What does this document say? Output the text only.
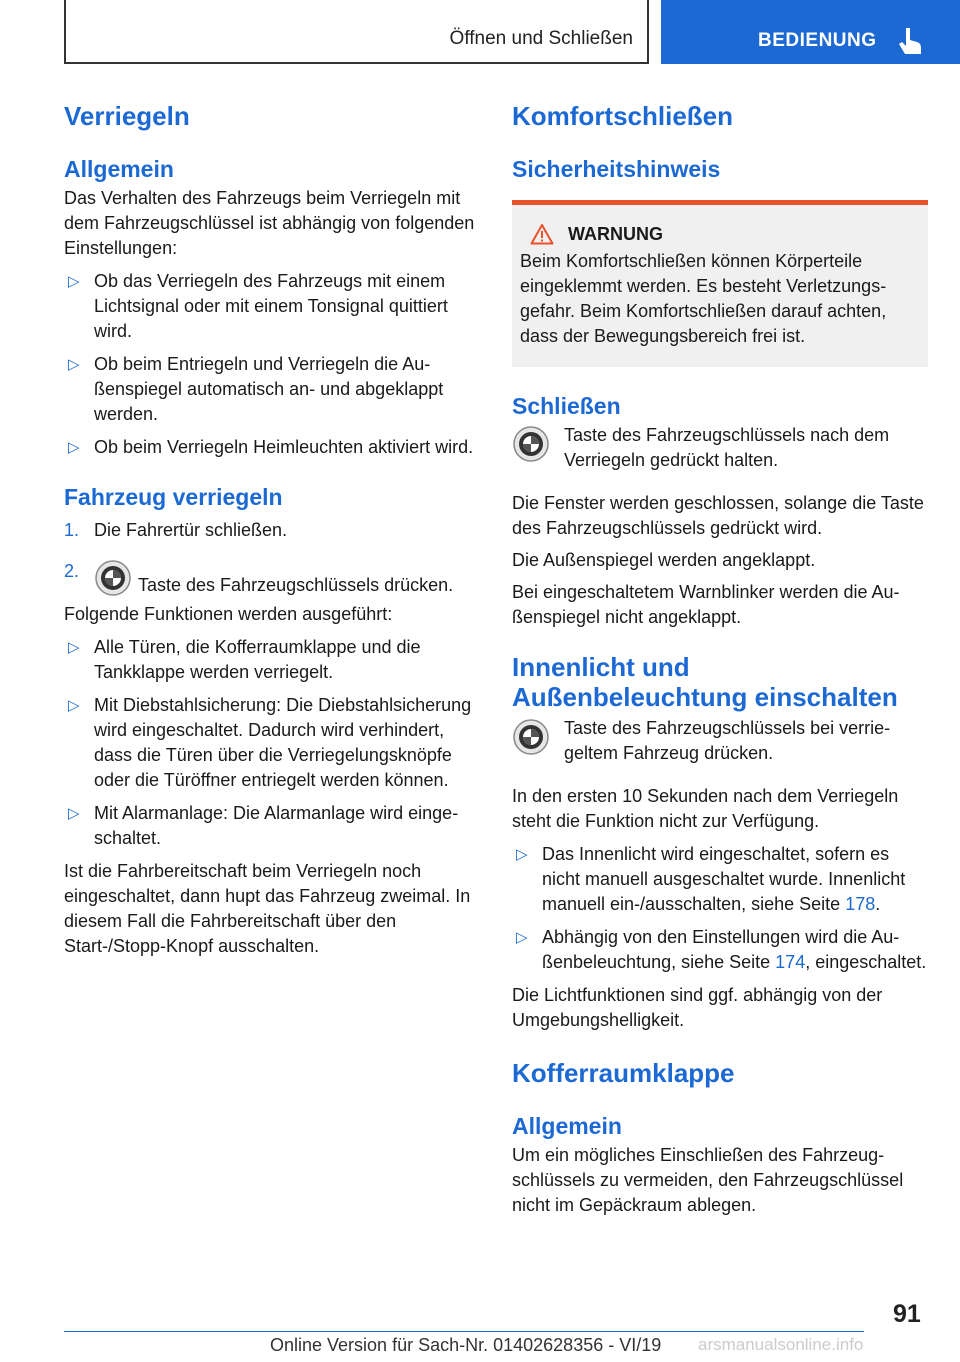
Öffnen und Schließen	BEDIENUNG
Verriegeln
Allgemein

Das Verhalten des Fahrzeugs beim Verriegeln mit dem Fahrzeugschlüssel ist abhängig von folgenden Einstellungen:

▷ Ob das Verriegeln des Fahrzeugs mit einem Lichtsignal oder mit einem Tonsignal quittiert wird.
▷ Ob beim Entriegeln und Verriegeln die Außenspiegel automatisch an- und abgeklappt werden.
▷ Ob beim Verriegeln Heimleuchten aktiviert wird.
Fahrzeug verriegeln
1. Die Fahrertür schließen.
2.
Taste des Fahrzeugschlüssels drücken.

Folgende Funktionen werden ausgeführt:

▷ Alle Türen, die Kofferraumklappe und die Tankklappe werden verriegelt.
▷ Mit Diebstahlsicherung: Die Diebstahlsicherung wird eingeschaltet. Dadurch wird verhindert, dass die Türen über die Verriegelungsknöpfe oder die Türöffner entriegelt werden können.
▷ Mit Alarmanlage: Die Alarmanlage wird eingeschaltet.

Ist die Fahrbereitschaft beim Verriegeln noch eingeschaltet, dann hupt das Fahrzeug zweimal. In diesem Fall die Fahrbereitschaft über den Start-/Stopp-Knopf ausschalten.

Komfortschließen
Sicherheitshinweis
WARNUNG

Beim Komfortschließen können Körperteile eingeklemmt werden. Es besteht Verletzungsgefahr. Beim Komfortschließen darauf achten, dass der Bewegungsbereich frei ist.

Schließen

Taste des Fahrzeugschlüssels nach dem Verriegeln gedrückt halten.

Die Fenster werden geschlossen, solange die Taste des Fahrzeugschlüssels gedrückt wird.

Die Außenspiegel werden angeklappt.

Bei eingeschaltetem Warnblinker werden die Außenspiegel nicht angeklappt.

Innenlicht und
Außenbeleuchtung einschalten

Taste des Fahrzeugschlüssels bei verriegeltem Fahrzeug drücken.

In den ersten 10 Sekunden nach dem Verriegeln steht die Funktion nicht zur Verfügung.

▷ Das Innenlicht wird eingeschaltet, sofern es nicht manuell ausgeschaltet wurde. Innenlicht manuell ein-/ausschalten, siehe Seite 178.
▷ Abhängig von den Einstellungen wird die Außenbeleuchtung, siehe Seite 174, eingeschaltet.

Die Lichtfunktionen sind ggf. abhängig von der Umgebungshelligkeit.

Kofferraumklappe
Allgemein

Um ein mögliches Einschließen des Fahrzeugschlüssels zu vermeiden, den Fahrzeugschlüssel nicht im Gepäckraum ablegen.

91
Online Version für Sach-Nr. 01402628356 - VI/19 arsmanualsonline.info
